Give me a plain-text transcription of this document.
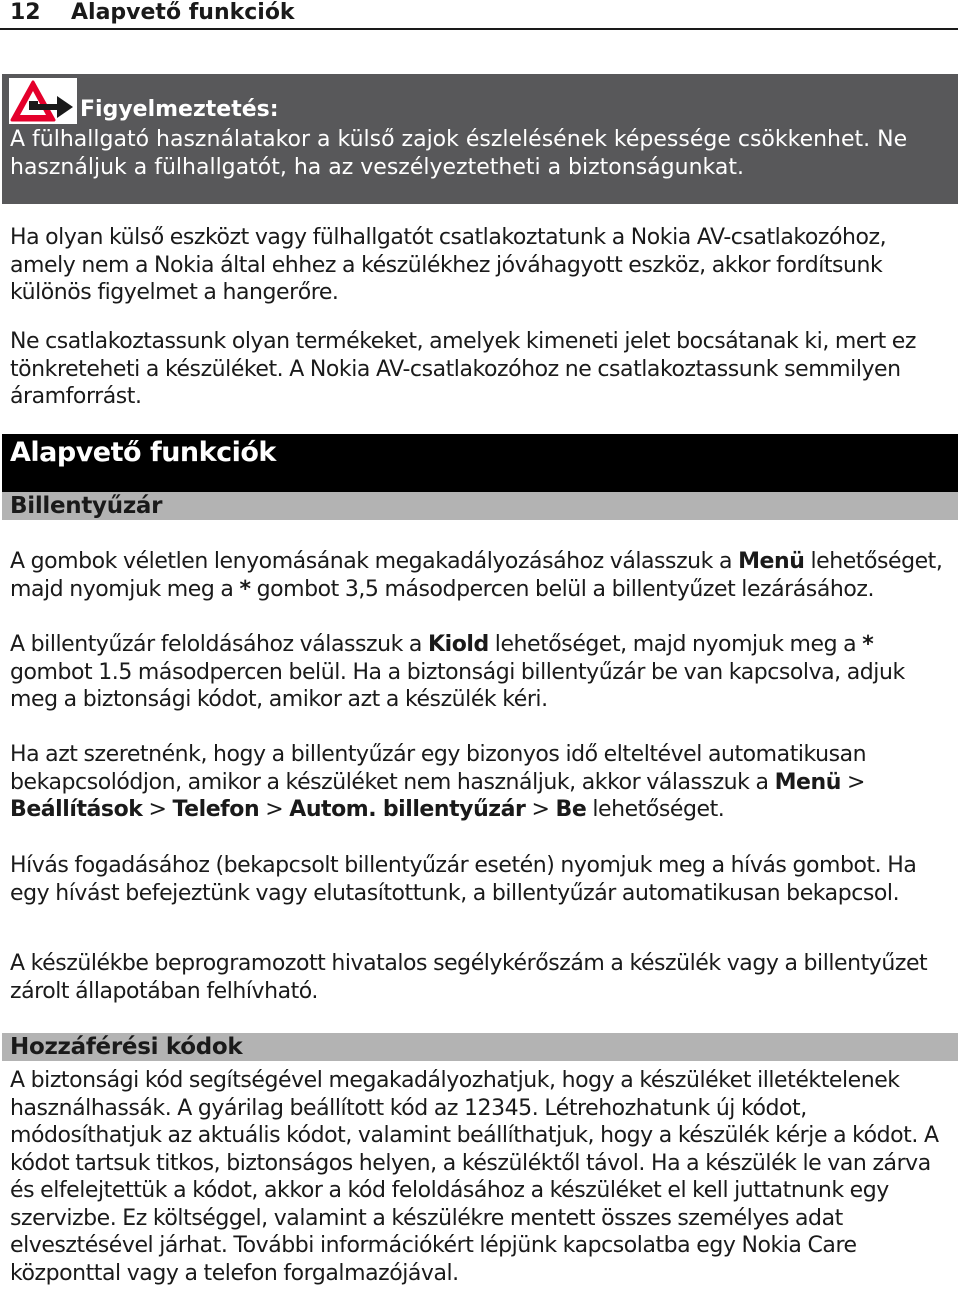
12 Alapvető funkciók
Figyelmeztetés:
A fülhallgató használatakor a külső zajok észlelésének képessége csökkenhet. Ne használjuk a fülhallgatót, ha az veszélyeztetheti a biztonságunkat.

Ha olyan külső eszközt vagy fülhallgatót csatlakoztatunk a Nokia AV-csatlakozóhoz, amely nem a Nokia által ehhez a készülékhez jóváhagyott eszköz, akkor fordítsunk különös figyelmet a hangerőre.

Ne csatlakoztassunk olyan termékeket, amelyek kimeneti jelet bocsátanak ki, mert ez tönkreteheti a készüléket. A Nokia AV-csatlakozóhoz ne csatlakoztassunk semmilyen áramforrást.

Alapvető funkciók
Billentyűzár

A gombok véletlen lenyomásának megakadályozásához válasszuk a Menü lehetőséget, majd nyomjuk meg a * gombot 3,5 másodpercen belül a billentyűzet lezárásához.

A billentyűzár feloldásához válasszuk a Kiold lehetőséget, majd nyomjuk meg a * gombot 1.5 másodpercen belül. Ha a biztonsági billentyűzár be van kapcsolva, adjuk meg a biztonsági kódot, amikor azt a készülék kéri.

Ha azt szeretnénk, hogy a billentyűzár egy bizonyos idő elteltével automatikusan bekapcsolódjon, amikor a készüléket nem használjuk, akkor válasszuk a Menü > Beállítások > Telefon > Autom. billentyűzár > Be lehetőséget.

Hívás fogadásához (bekapcsolt billentyűzár esetén) nyomjuk meg a hívás gombot. Ha egy hívást befejeztünk vagy elutasítottunk, a billentyűzár automatikusan bekapcsol.

A készülékbe beprogramozott hivatalos segélykérőszám a készülék vagy a billentyűzet zárolt állapotában felhívható.

Hozzáférési kódok

A biztonsági kód segítségével megakadályozhatjuk, hogy a készüléket illetéktelenek használhassák. A gyárilag beállított kód az 12345. Létrehozhatunk új kódot, módosíthatjuk az aktuális kódot, valamint beállíthatjuk, hogy a készülék kérje a kódot. A kódot tartsuk titkos, biztonságos helyen, a készüléktől távol. Ha a készülék le van zárva és elfelejtettük a kódot, akkor a kód feloldásához a készüléket el kell juttatnunk egy szervizbe. Ez költséggel, valamint a készülékre mentett összes személyes adat elvesztésével járhat. További információkért lépjünk kapcsolatba egy Nokia Care központtal vagy a telefon forgalmazójával.
